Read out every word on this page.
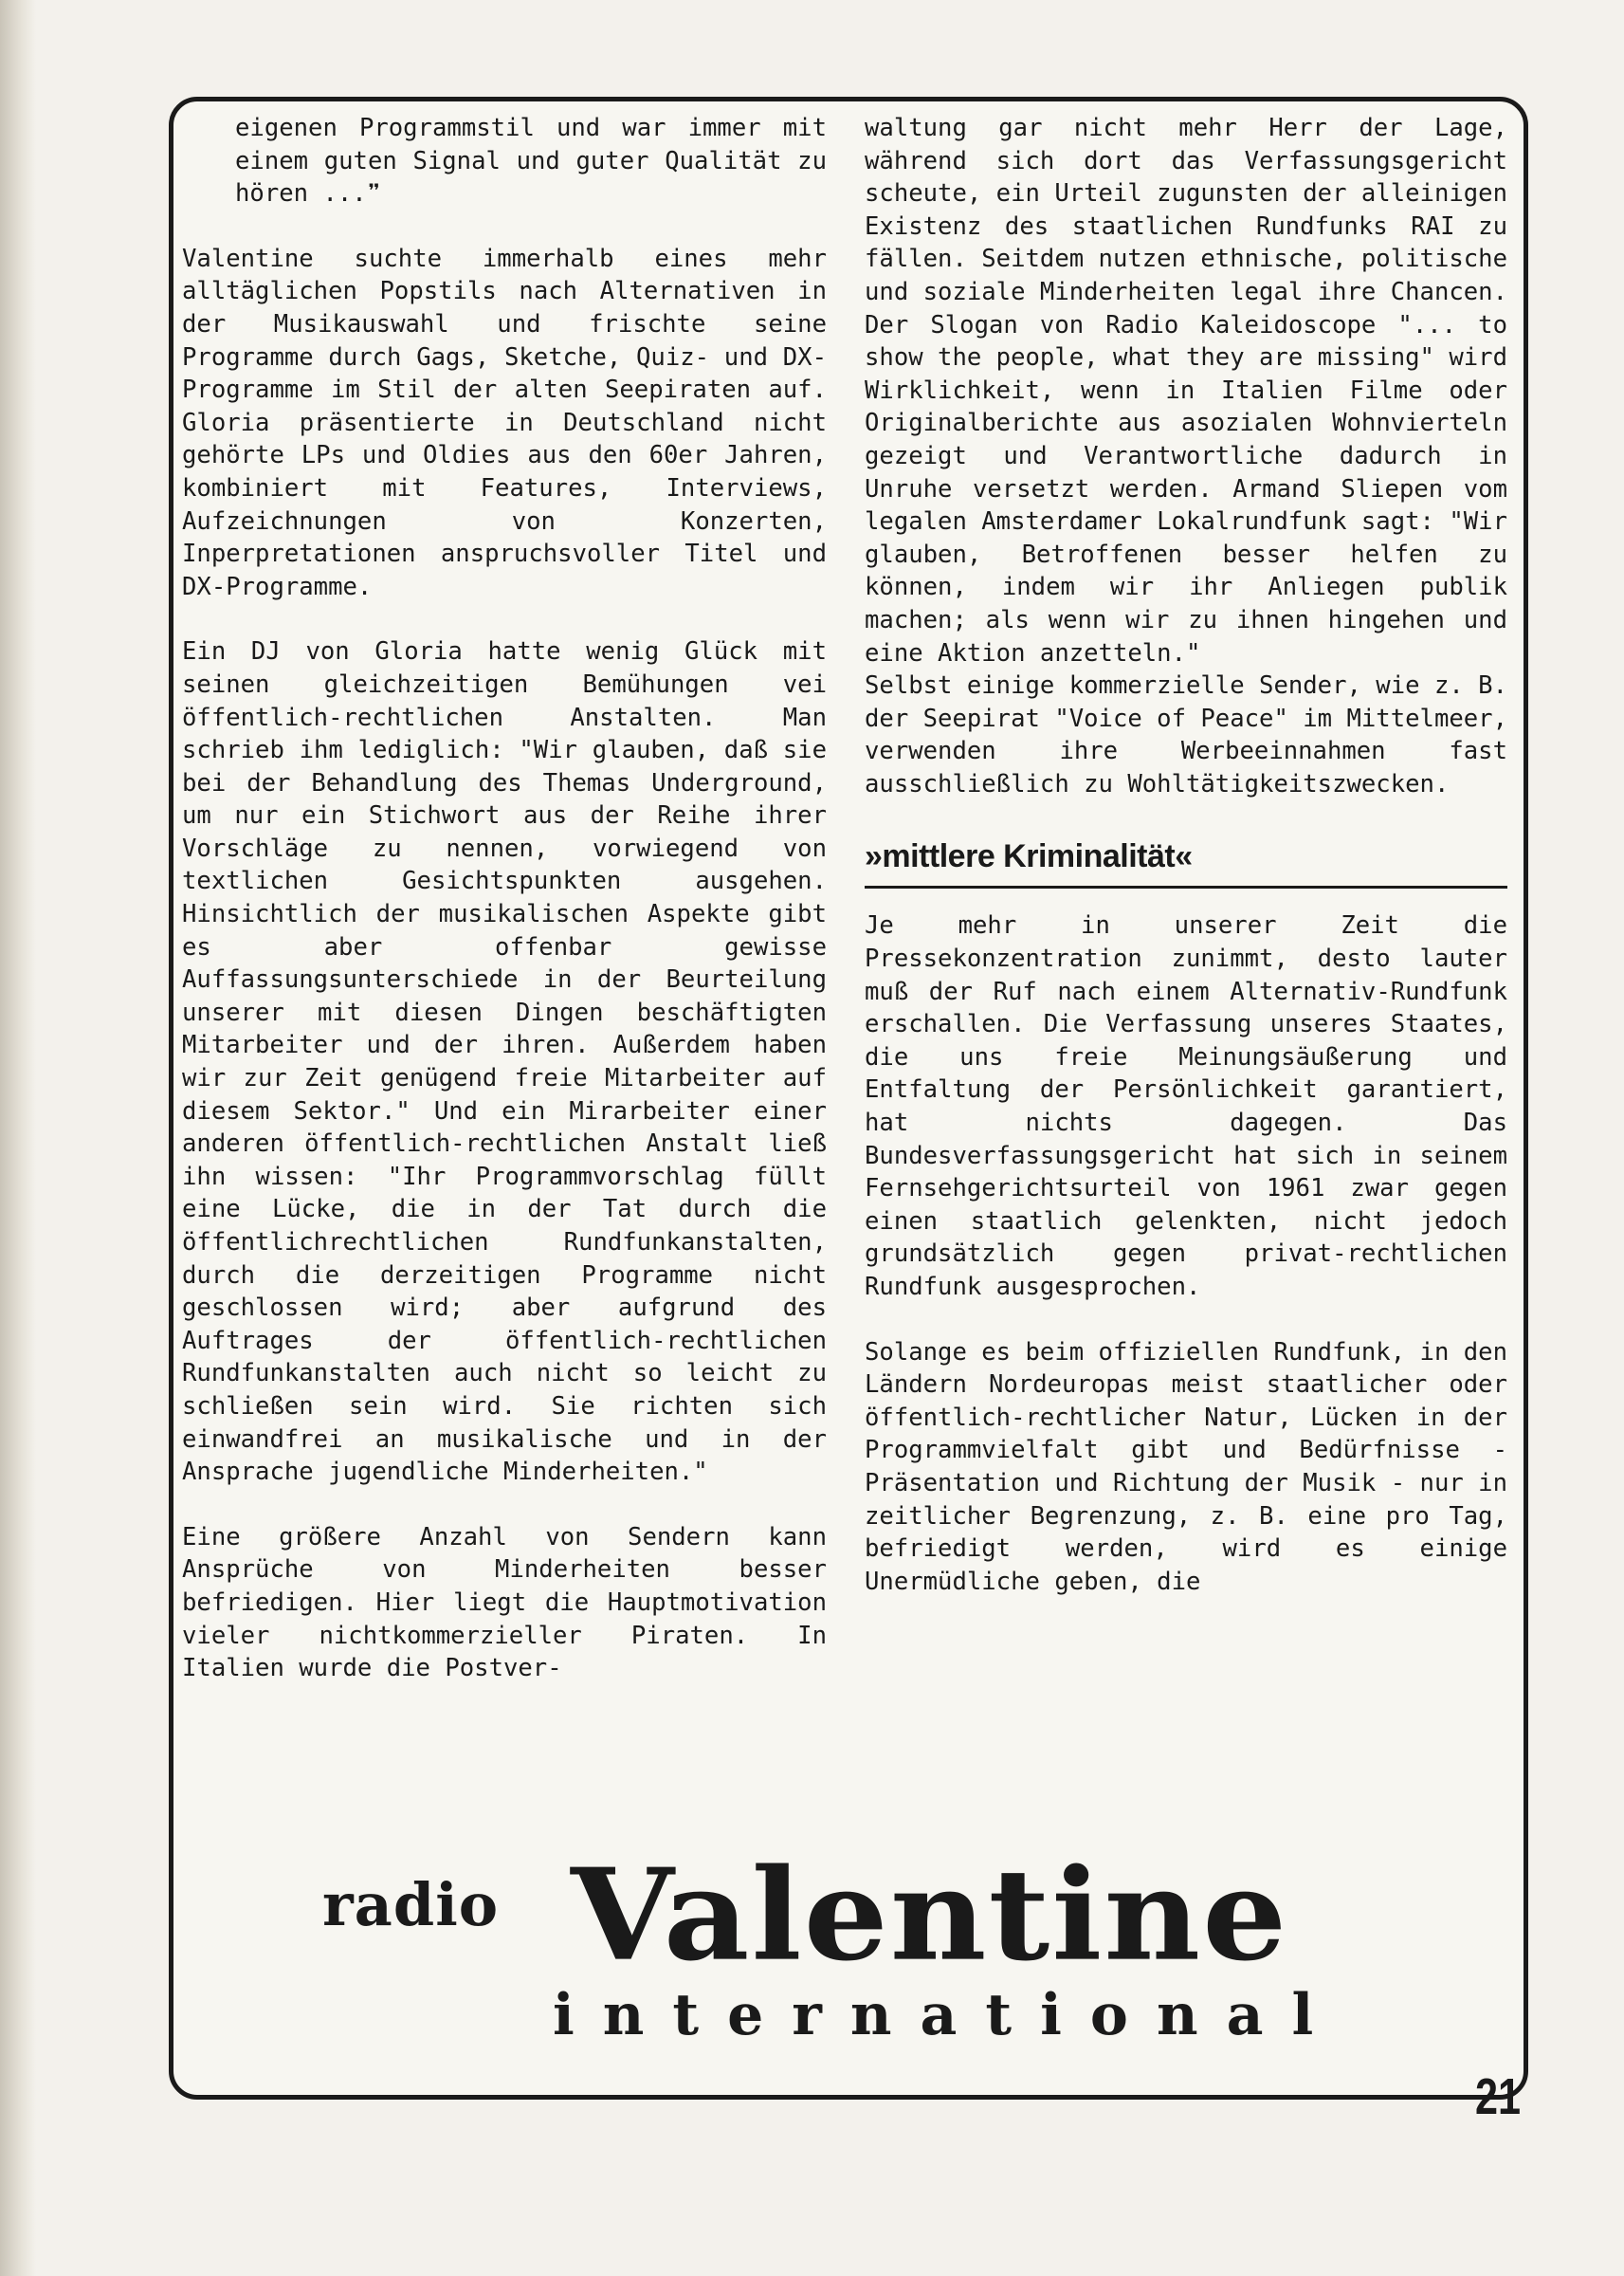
eigenen Programmstil und war immer mit einem guten Signal und guter Qualität zu hören ...❞

Valentine suchte immerhalb eines mehr alltäglichen Popstils nach Alternativen in der Musikauswahl und frischte seine Programme durch Gags, Sketche, Quiz- und DX-Programme im Stil der alten Seepiraten auf. Gloria präsentierte in Deutschland nicht gehörte LPs und Oldies aus den 60er Jahren, kombiniert mit Features, Interviews, Aufzeichnungen von Konzerten, Inperpretationen anspruchsvoller Titel und DX-Programme.

Ein DJ von Gloria hatte wenig Glück mit seinen gleichzeitigen Bemühungen vei öffentlich-rechtlichen Anstalten. Man schrieb ihm lediglich: "Wir glauben, daß sie bei der Behandlung des Themas Underground, um nur ein Stichwort aus der Reihe ihrer Vorschläge zu nennen, vorwiegend von textlichen Gesichtspunkten ausgehen. Hinsichtlich der musikalischen Aspekte gibt es aber offenbar gewisse Auffassungsunterschiede in der Beurteilung unserer mit diesen Dingen beschäftigten Mitarbeiter und der ihren. Außerdem haben wir zur Zeit genügend freie Mitarbeiter auf diesem Sektor." Und ein Mirarbeiter einer anderen öffentlich-rechtlichen Anstalt ließ ihn wissen: "Ihr Programmvorschlag füllt eine Lücke, die in der Tat durch die öffentlichrechtlichen Rundfunkanstalten, durch die derzeitigen Programme nicht geschlossen wird; aber aufgrund des Auftrages der öffentlich-rechtlichen Rundfunkanstalten auch nicht so leicht zu schließen sein wird. Sie richten sich einwandfrei an musikalische und in der Ansprache jugendliche Minderheiten."

Eine größere Anzahl von Sendern kann Ansprüche von Minderheiten besser befriedigen. Hier liegt die Hauptmotivation vieler nichtkommerzieller Piraten. In Italien wurde die Postver-

waltung gar nicht mehr Herr der Lage, während sich dort das Verfassungsgericht scheute, ein Urteil zugunsten der alleinigen Existenz des staatlichen Rundfunks RAI zu fällen. Seitdem nutzen ethnische, politische und soziale Minderheiten legal ihre Chancen. Der Slogan von Radio Kaleidoscope "... to show the people, what they are missing" wird Wirklichkeit, wenn in Italien Filme oder Originalberichte aus asozialen Wohnvierteln gezeigt und Verantwortliche dadurch in Unruhe versetzt werden. Armand Sliepen vom legalen Amsterdamer Lokalrundfunk sagt: "Wir glauben, Betroffenen besser helfen zu können, indem wir ihr Anliegen publik machen; als wenn wir zu ihnen hingehen und eine Aktion anzetteln."

Selbst einige kommerzielle Sender, wie z. B. der Seepirat "Voice of Peace" im Mittelmeer, verwenden ihre Werbeeinnahmen fast ausschließlich zu Wohltätigkeitszwecken.

»mittlere Kriminalität«

Je mehr in unserer Zeit die Pressekonzentration zunimmt, desto lauter muß der Ruf nach einem Alternativ-Rundfunk erschallen. Die Verfassung unseres Staates, die uns freie Meinungsäußerung und Entfaltung der Persönlichkeit garantiert, hat nichts dagegen. Das Bundesverfassungsgericht hat sich in seinem Fernsehgerichtsurteil von 1961 zwar gegen einen staatlich gelenkten, nicht jedoch grundsätzlich gegen privat-rechtlichen Rundfunk ausgesprochen.

Solange es beim offiziellen Rundfunk, in den Ländern Nordeuropas meist staatlicher oder öffentlich-rechtlicher Natur, Lücken in der Programmvielfalt gibt und Bedürfnisse - Präsentation und Richtung der Musik - nur in zeitlicher Begrenzung, z. B. eine pro Tag, befriedigt werden, wird es einige Unermüdliche geben, die

radio Valentine
international
21
